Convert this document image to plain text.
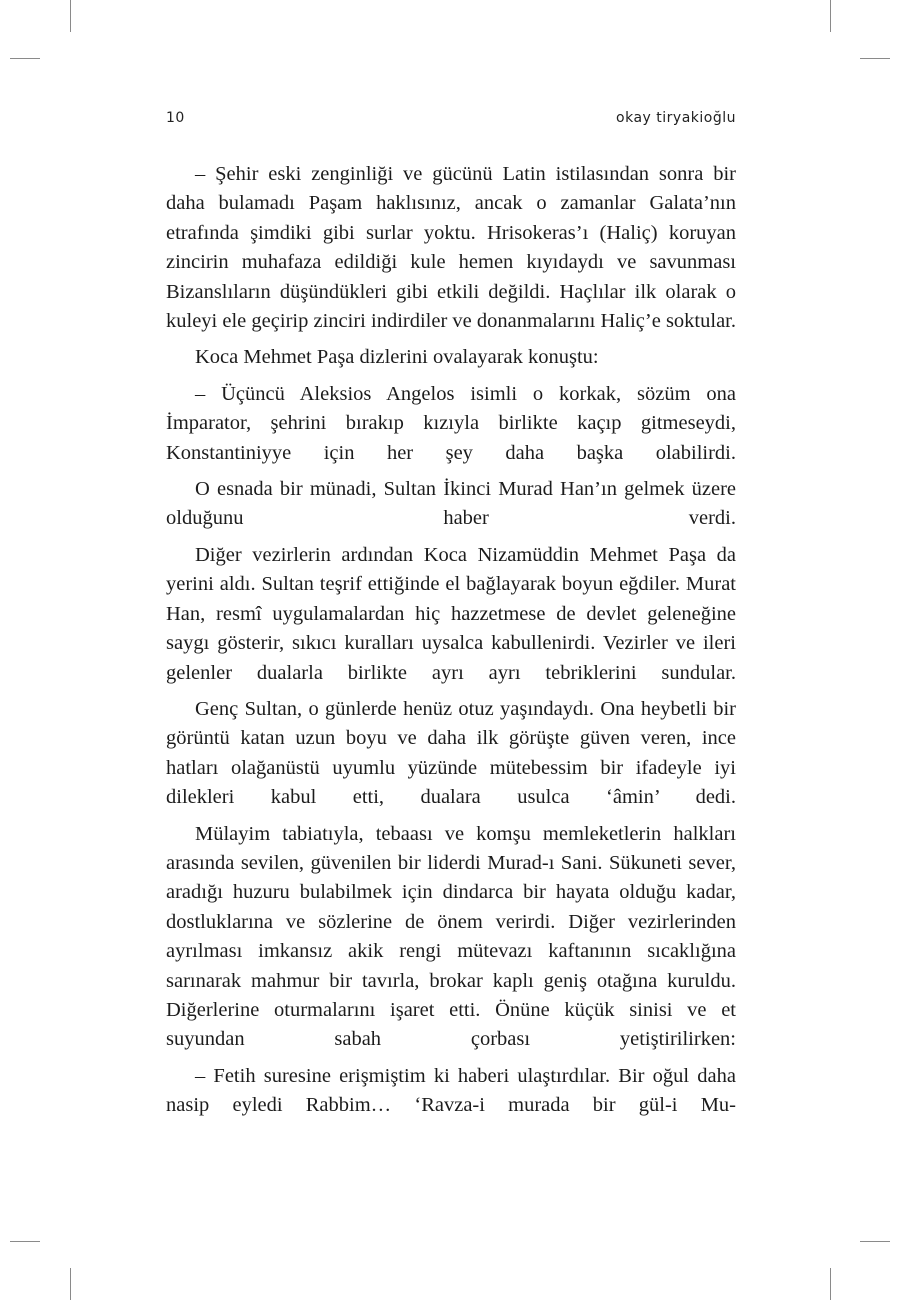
10	okay tiryakioğlu

– Şehir eski zenginliği ve gücünü Latin istilasından sonra bir daha bulamadı Paşam haklısınız, ancak o zamanlar Galata’nın etrafında şimdiki gibi surlar yoktu. Hrisokeras’ı (Haliç) koruyan zincirin muhafaza edildiği kule hemen kıyıdaydı ve savunması Bizanslıların düşündükleri gibi etkili değildi. Haçlılar ilk olarak o kuleyi ele geçirip zinciri indirdiler ve donanmalarını Haliç’e soktular.

Koca Mehmet Paşa dizlerini ovalayarak konuştu:

– Üçüncü Aleksios Angelos isimli o korkak, sözüm ona İmparator, şehrini bırakıp kızıyla birlikte kaçıp gitmeseydi, Konstantiniyye için her şey daha başka olabilirdi.

O esnada bir münadi, Sultan İkinci Murad Han’ın gelmek üzere olduğunu haber verdi.

Diğer vezirlerin ardından Koca Nizamüddin Mehmet Paşa da yerini aldı. Sultan teşrif ettiğinde el bağlayarak boyun eğdiler. Murat Han, resmî uygulamalardan hiç hazzetmese de devlet geleneğine saygı gösterir, sıkıcı kuralları uysalca kabullenirdi. Vezirler ve ileri gelenler dualarla birlikte ayrı ayrı tebriklerini sundular.

Genç Sultan, o günlerde henüz otuz yaşındaydı. Ona heybetli bir görüntü katan uzun boyu ve daha ilk görüşte güven veren, ince hatları olağanüstü uyumlu yüzünde mütebessim bir ifadeyle iyi dilekleri kabul etti, dualara usulca ‘âmin’ dedi.

Mülayim tabiatıyla, tebaası ve komşu memleketlerin halkları arasında sevilen, güvenilen bir liderdi Murad-ı Sani. Sükuneti sever, aradığı huzuru bulabilmek için dindarca bir hayata olduğu kadar, dostluklarına ve sözlerine de önem verirdi. Diğer vezirlerinden ayrılması imkansız akik rengi mütevazı kaftanının sıcaklığına sarınarak mahmur bir tavırla, brokar kaplı geniş otağına kuruldu. Diğerlerine oturmalarını işaret etti. Önüne küçük sinisi ve et suyundan sabah çorbası yetiştirilirken:

– Fetih suresine erişmiştim ki haberi ulaştırdılar. Bir oğul daha nasip eyledi Rabbim… ‘Ravza-i murada bir gül-i Mu-
